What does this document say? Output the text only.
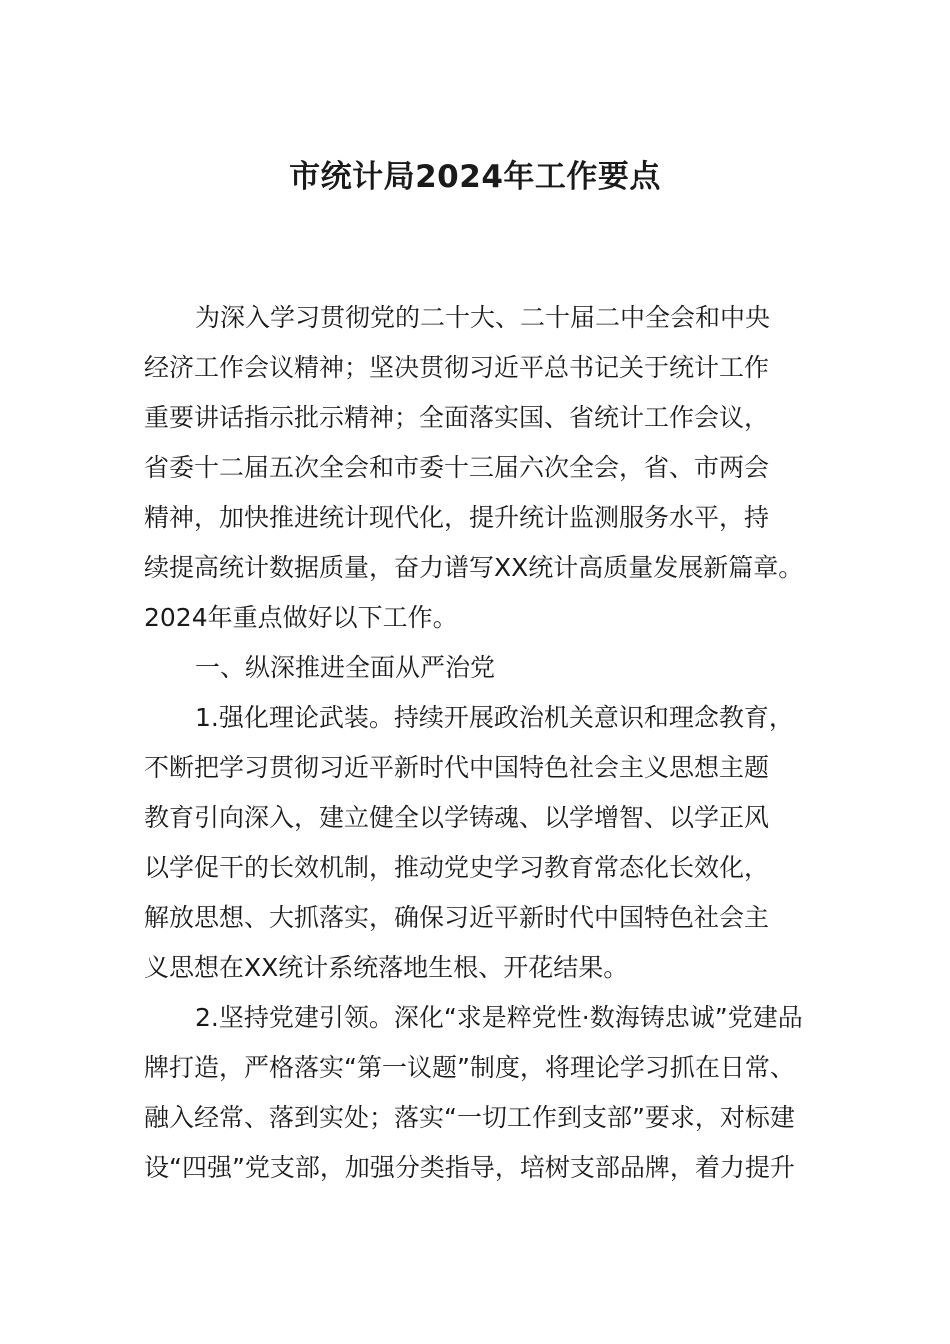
市统计局2024年工作要点
为深入学习贯彻党的二十大、二十届二中全会和中央
经济工作会议精神；坚决贯彻习近平总书记关于统计工作
重要讲话指示批示精神；全面落实国、省统计工作会议，
省委十二届五次全会和市委十三届六次全会，省、市两会
精神，加快推进统计现代化，提升统计监测服务水平，持
续提高统计数据质量，奋力谱写XX统计高质量发展新篇章。
2024年重点做好以下工作。
一、纵深推进全面从严治党
1.强化理论武装。持续开展政治机关意识和理念教育，
不断把学习贯彻习近平新时代中国特色社会主义思想主题
教育引向深入，建立健全以学铸魂、以学增智、以学正风
以学促干的长效机制，推动党史学习教育常态化长效化，
解放思想、大抓落实，确保习近平新时代中国特色社会主
义思想在XX统计系统落地生根、开花结果。
2.坚持党建引领。深化“求是粹党性·数海铸忠诚”党建品
牌打造，严格落实“第一议题”制度，将理论学习抓在日常、
融入经常、落到实处；落实“一切工作到支部”要求，对标建
设“四强”党支部，加强分类指导，培树支部品牌，着力提升
